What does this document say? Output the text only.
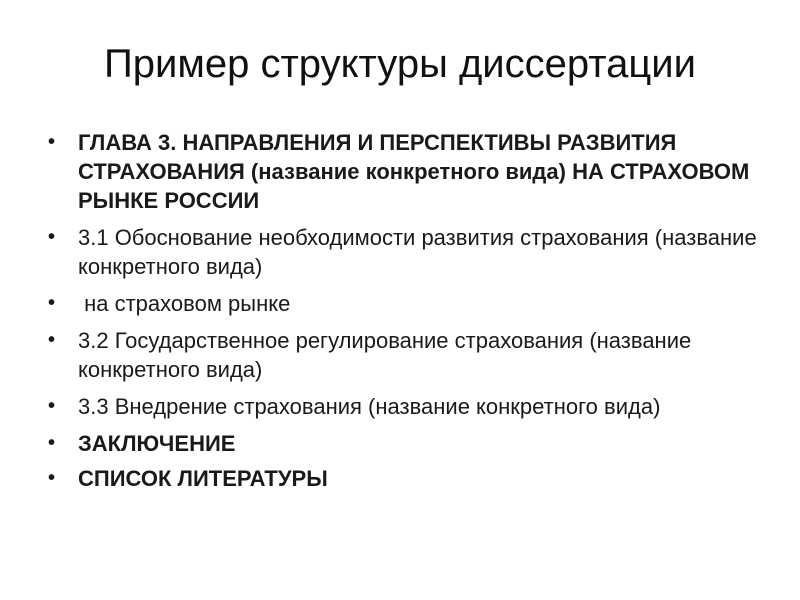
Пример структуры диссертации
•	ГЛАВА 3. НАПРАВЛЕНИЯ И ПЕРСПЕКТИВЫ РАЗВИТИЯ СТРАХОВАНИЯ (название конкретного вида) НА СТРАХОВОМ РЫНКЕ РОССИИ
•	3.1 Обоснование необходимости развития страхования (название конкретного вида)
•	на страховом рынке
•	3.2 Государственное регулирование страхования (название конкретного вида)
•	3.3 Внедрение страхования (название конкретного вида)
•	ЗАКЛЮЧЕНИЕ
•	СПИСОК ЛИТЕРАТУРЫ
